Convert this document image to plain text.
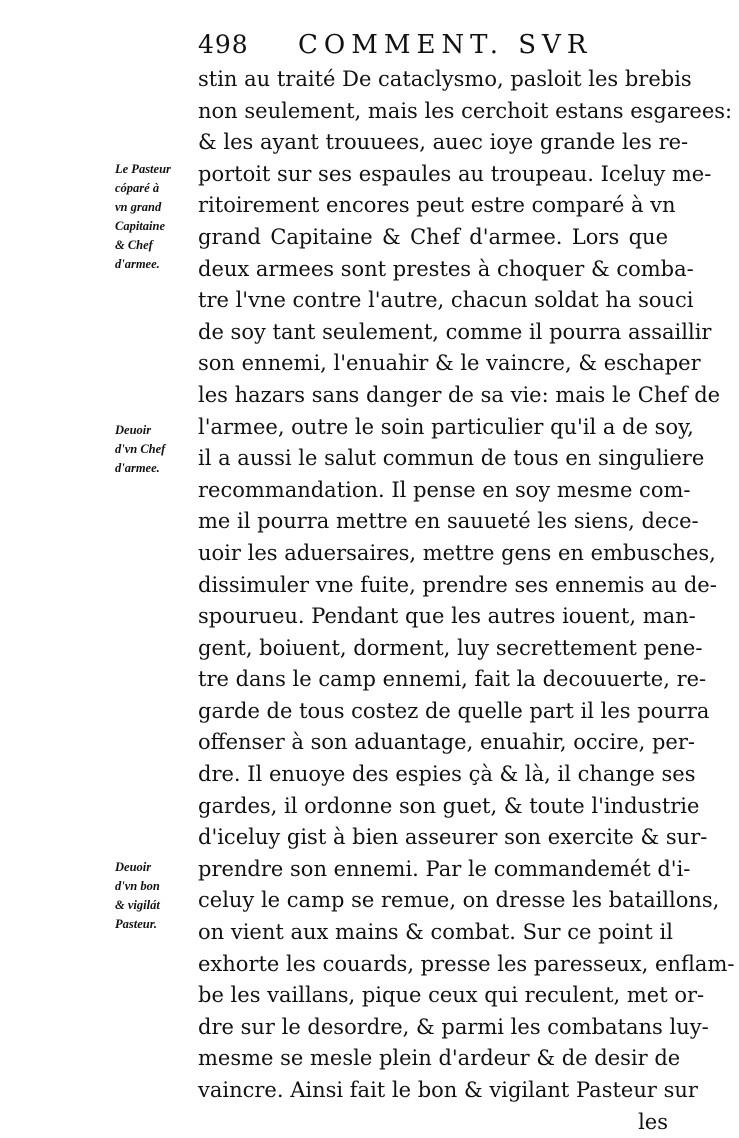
498 COMMENT. SVR
stin au traité De cataclysmo, pasloit les brebis
non seulement, mais les cerchoit estans esgarees:
& les ayant trouuees, auec ioye grande les re-
portoit sur ses espaules au troupeau. Iceluy me-
ritoirement encores peut estre comparé à vn
grand Capitaine & Chef d'armee. Lors que
deux armees sont prestes à choquer & comba-
tre l'vne contre l'autre, chacun soldat ha souci
de soy tant seulement, comme il pourra assaillir
son ennemi, l'enuahir & le vaincre, & eschaper
les hazars sans danger de sa vie: mais le Chef de
l'armee, outre le soin particulier qu'il a de soy,
il a aussi le salut commun de tous en singuliere
recommandation. Il pense en soy mesme com-
me il pourra mettre en sauueté les siens, dece-
uoir les aduersaires, mettre gens en embusches,
dissimuler vne fuite, prendre ses ennemis au de-
spourueu. Pendant que les autres iouent, man-
gent, boiuent, dorment, luy secrettement pene-
tre dans le camp ennemi, fait la decouuerte, re-
garde de tous costez de quelle part il les pourra
offenser à son aduantage, enuahir, occire, per-
dre. Il enuoye des espies çà & là, il change ses
gardes, il ordonne son guet, & toute l'industrie
d'iceluy gist à bien asseurer son exercite & sur-
prendre son ennemi. Par le commandemét d'i-
celuy le camp se remue, on dresse les bataillons,
on vient aux mains & combat. Sur ce point il
exhorte les couards, presse les paresseux, enflam-
be les vaillans, pique ceux qui reculent, met or-
dre sur le desordre, & parmi les combatans luy-
mesme se mesle plein d'ardeur & de desir de
vaincre. Ainsi fait le bon & vigilant Pasteur sur
les
Le Pasteur
cóparé à
vn grand
Capitaine
& Chef
d'armee.
Deuoir
d'vn Chef
d'armee.
Deuoir
d'vn bon
& vigilát
Pasteur.
